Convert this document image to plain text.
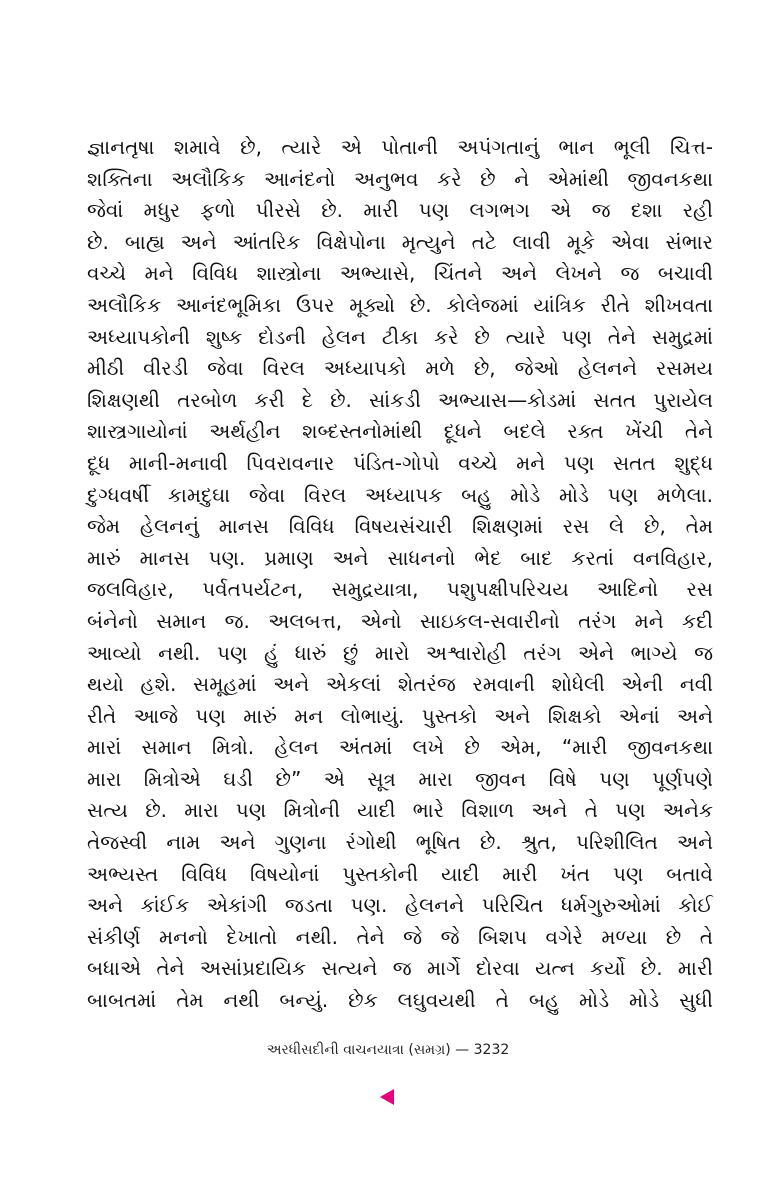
જ્ઞાનતૃષા શમાવે છે, ત્યારે એ પોતાની અપંગતાનું ભાન ભૂલી ચિત્ત-
શક્તિના અલૌકિક આનંદનો અનુભવ કરે છે ને એમાંથી જીવનકથા
જેવાં મધુર ફળો પીરસે છે. મારી પણ લગભગ એ જ દશા રહી
છે. બાહ્ય અને આંતરિક વિક્ષેપોના મૃત્યુને તટે લાવી મૂકે એવા સંભાર
વચ્ચે મને વિવિધ શાસ્ત્રોના અભ્યાસે, ચિંતને અને લેખને જ બચાવી
અલૌકિક આનંદભૂમિકા ઉપર મૂક્યો છે. કોલેજમાં યાંત્રિક રીતે શીખવતા
અધ્યાપકોની શુષ્ક દોડની હેલન ટીકા કરે છે ત્યારે પણ તેને સમુદ્રમાં
મીઠી વીરડી જેવા વિરલ અધ્યાપકો મળે છે, જેઓ હેલનને રસમય
શિક્ષણથી તરબોળ કરી દે છે. સાંકડી અભ્યાસ—કોડમાં સતત પુરાયેલ
શાસ્ત્રગાયોનાં અર્થહીન શબ્દસ્તનોમાંથી દૂધને બદલે રક્ત ખેંચી તેને
દૂધ માની-મનાવી પિવરાવનાર પંડિત-ગોપો વચ્ચે મને પણ સતત શુદ્ધ
દુગ્ધવર્ષી કામદુઘા જેવા વિરલ અધ્યાપક બહુ મોડે મોડે પણ મળેલા.
જેમ હેલનનું માનસ વિવિધ વિષયસંચારી શિક્ષણમાં રસ લે છે, તેમ
મારું માનસ પણ. પ્રમાણ અને સાધનનો ભેદ બાદ કરતાં વનવિહાર,
જલવિહાર, પર્વતપર્યટન, સમુદ્રયાત્રા, પશુપક્ષીપરિચય આદિનો રસ
બંનેનો સમાન જ. અલબત્ત, એનો સાઇકલ-સવારીનો તરંગ મને કદી
આવ્યો નથી. પણ હું ધારું છું મારો અશ્વારોહી તરંગ એને ભાગ્યે જ
થયો હશે. સમૂહમાં અને એકલાં શેતરંજ રમવાની શોધેલી એની નવી
રીતે આજે પણ મારું મન લોભાયું. પુસ્તકો અને શિક્ષકો એનાં અને
મારાં સમાન મિત્રો. હેલન અંતમાં લખે છે એમ, “મારી જીવનકથા
મારા મિત્રોએ ઘડી છે” એ સૂત્ર મારા જીવન વિષે પણ પૂર્ણપણે
સત્ય છે. મારા પણ મિત્રોની યાદી ભારે વિશાળ અને તે પણ અનેક
તેજસ્વી નામ અને ગુણના રંગોથી ભૂષિત છે. શ્રુત, પરિશીલિત અને
અભ્યસ્ત વિવિધ વિષયોનાં પુસ્તકોની યાદી મારી ખંત પણ બતાવે
અને કાંઈક એકાંગી જડતા પણ. હેલનને પરિચિત ધર્મગુરુઓમાં કોઈ
સંકીર્ણ મનનો દેખાતો નથી. તેને જે જે બિશપ વગેરે મળ્યા છે તે
બધાએ તેને અસાંપ્રદાયિક સત્યને જ માર્ગે દોરવા યત્ન કર્યો છે. મારી
બાબતમાં તેમ નથી બન્યું. છેક લઘુવયથી તે બહુ મોડે મોડે સુધી
અરધીસદીની વાચનયાત્રા (સમગ્ર) — 3232
